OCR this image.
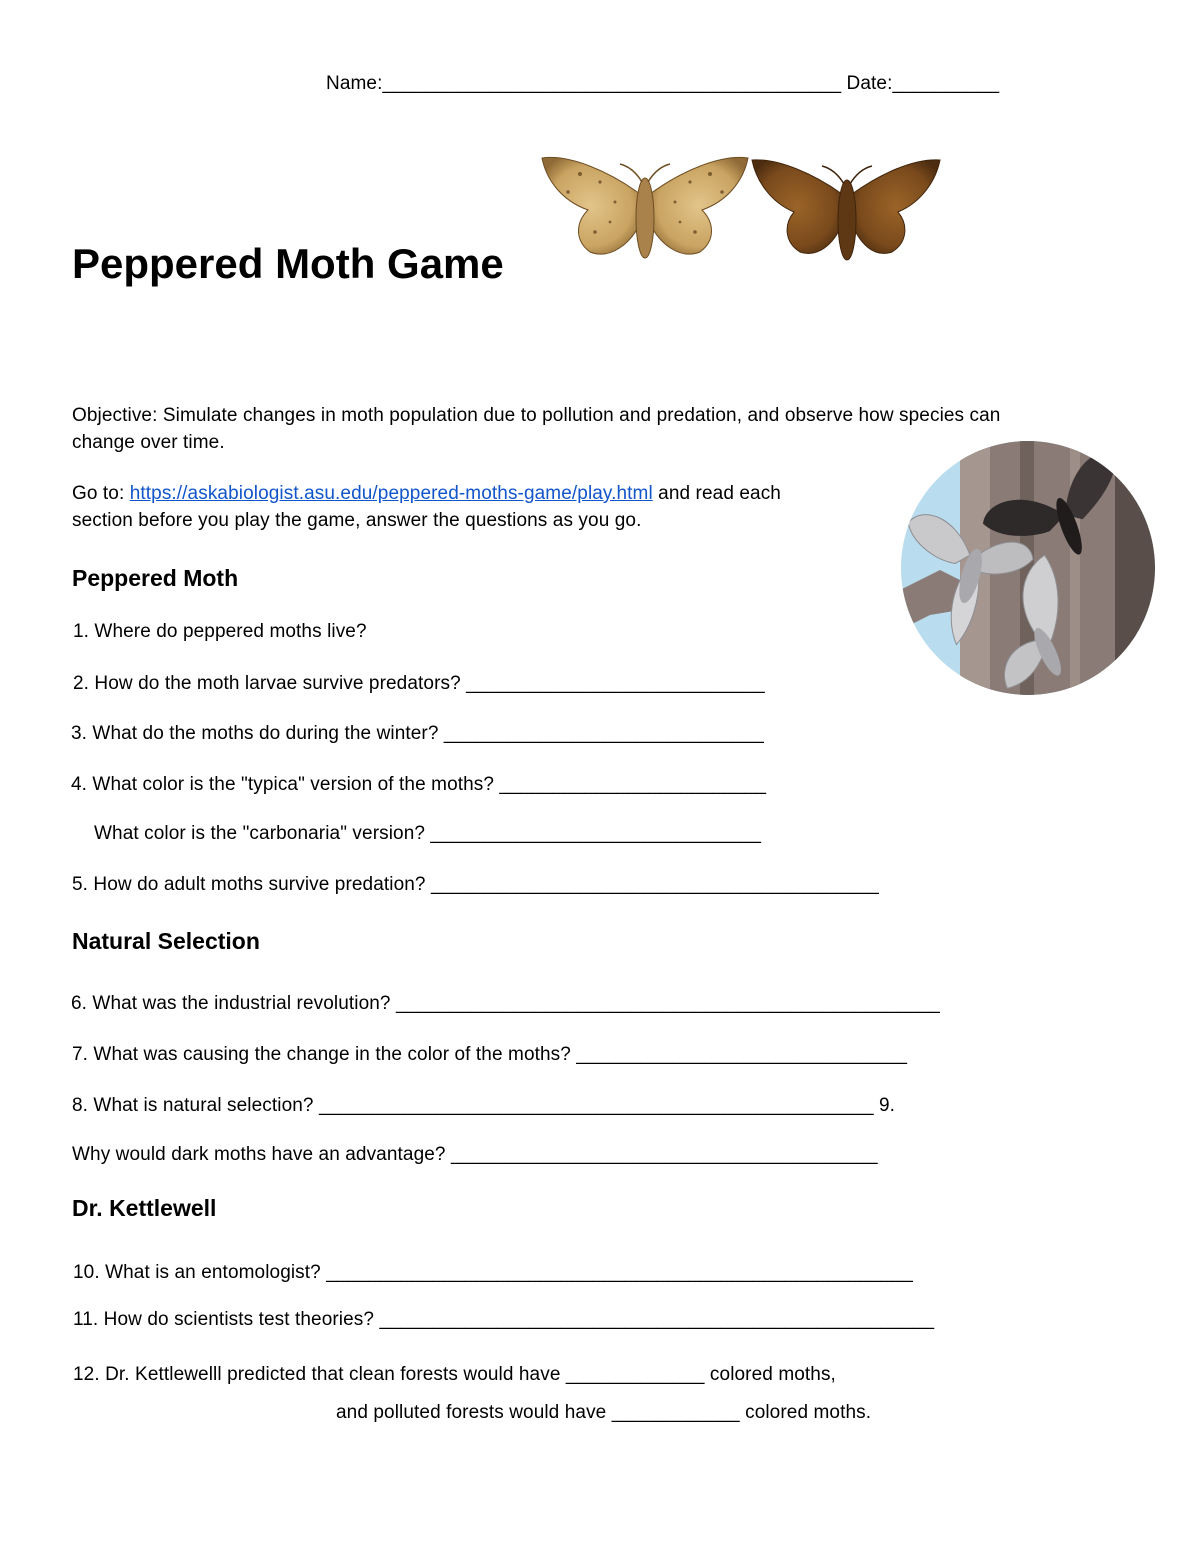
Name:___________________________________________ Date:__________
Peppered Moth Game
Objective: Simulate changes in moth population due to pollution and predation, and observe how species can
change over time.
Go to: https://askabiologist.asu.edu/peppered-moths-game/play.html and read each
section before you play the game, answer the questions as you go.
Peppered Moth
1. Where do peppered moths live?
2. How do the moth larvae survive predators? ____________________________
3. What do the moths do during the winter? ______________________________
4. What color is the "typica" version of the moths? _________________________
What color is the "carbonaria" version? _______________________________
5. How do adult moths survive predation? __________________________________________
Natural Selection
6. What was the industrial revolution? ___________________________________________________
7. What was causing the change in the color of the moths? _______________________________
8. What is natural selection? ____________________________________________________ 9.
Why would dark moths have an advantage? ________________________________________
Dr. Kettlewell
10. What is an entomologist? _______________________________________________________
11. How do scientists test theories? ____________________________________________________
12. Dr. Kettlewelll predicted that clean forests would have _____________ colored moths,
and polluted forests would have ____________ colored moths.
